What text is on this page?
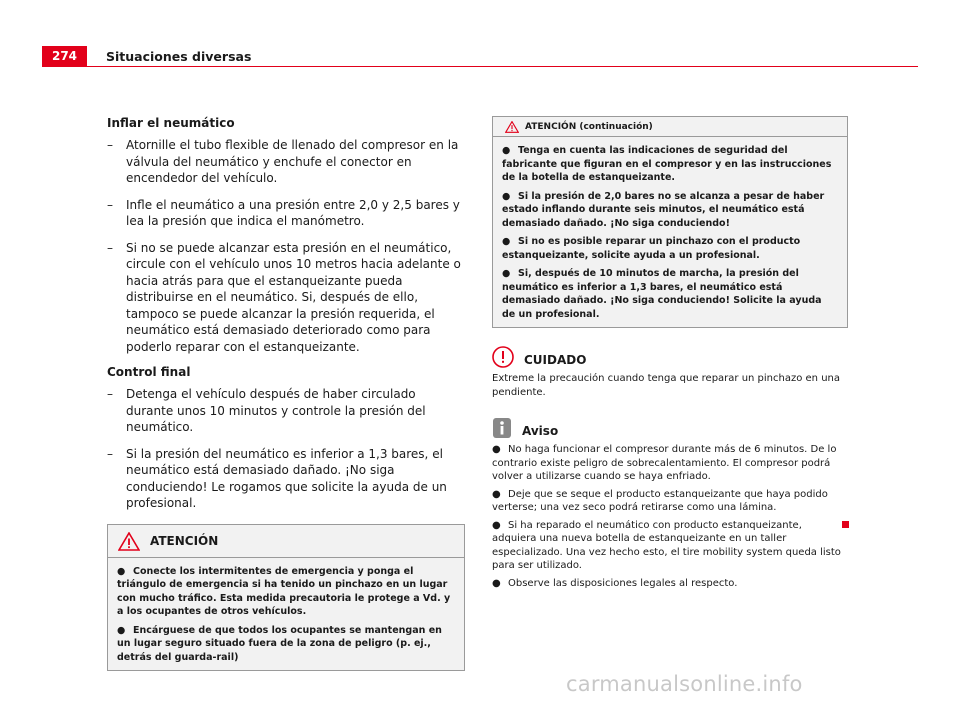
274	Situaciones diversas
Inflar el neumático
–	Atornille el tubo flexible de llenado del compresor en la válvula del neumático y enchufe el conector en encendedor del vehículo.
–	Infle el neumático a una presión entre 2,0 y 2,5 bares y lea la presión que indica el manómetro.
–	Si no se puede alcanzar esta presión en el neumático, circule con el vehículo unos 10 metros hacia adelante o hacia atrás para que el estanqueizante pueda distribuirse en el neumático. Si, después de ello, tampoco se puede alcanzar la presión requerida, el neumático está demasiado deteriorado como para poderlo reparar con el estanqueizante.
Control final
–	Detenga el vehículo después de haber circulado durante unos 10 minutos y controle la presión del neumático.
–	Si la presión del neumático es inferior a 1,3 bares, el neumático está demasiado dañado. ¡No siga conduciendo! Le rogamos que solicite la ayuda de un profesional.
ATENCIÓN
● Conecte los intermitentes de emergencia y ponga el triángulo de emergencia si ha tenido un pinchazo en un lugar con mucho tráfico. Esta medida precautoria le protege a Vd. y a los ocupantes de otros vehículos.
● Encárguese de que todos los ocupantes se mantengan en un lugar seguro situado fuera de la zona de peligro (p. ej., detrás del guarda-rail)
ATENCIÓN (continuación)
● Tenga en cuenta las indicaciones de seguridad del fabricante que figuran en el compresor y en las instrucciones de la botella de estanqueizante.
● Si la presión de 2,0 bares no se alcanza a pesar de haber estado inflando durante seis minutos, el neumático está demasiado dañado. ¡No siga conduciendo!
● Si no es posible reparar un pinchazo con el producto estanqueizante, solicite ayuda a un profesional.
● Si, después de 10 minutos de marcha, la presión del neumático es inferior a 1,3 bares, el neumático está demasiado dañado. ¡No siga conduciendo! Solicite la ayuda de un profesional.
CUIDADO
Extreme la precaución cuando tenga que reparar un pinchazo en una pendiente.
Aviso
● No haga funcionar el compresor durante más de 6 minutos. De lo contrario existe peligro de sobrecalentamiento. El compresor podrá volver a utilizarse cuando se haya enfriado.
● Deje que se seque el producto estanqueizante que haya podido verterse; una vez seco podrá retirarse como una lámina.
● Si ha reparado el neumático con producto estanqueizante, adquiera una nueva botella de estanqueizante en un taller especializado. Una vez hecho esto, el tire mobility system queda listo para ser utilizado.
● Observe las disposiciones legales al respecto.
carmanualsonline.info
